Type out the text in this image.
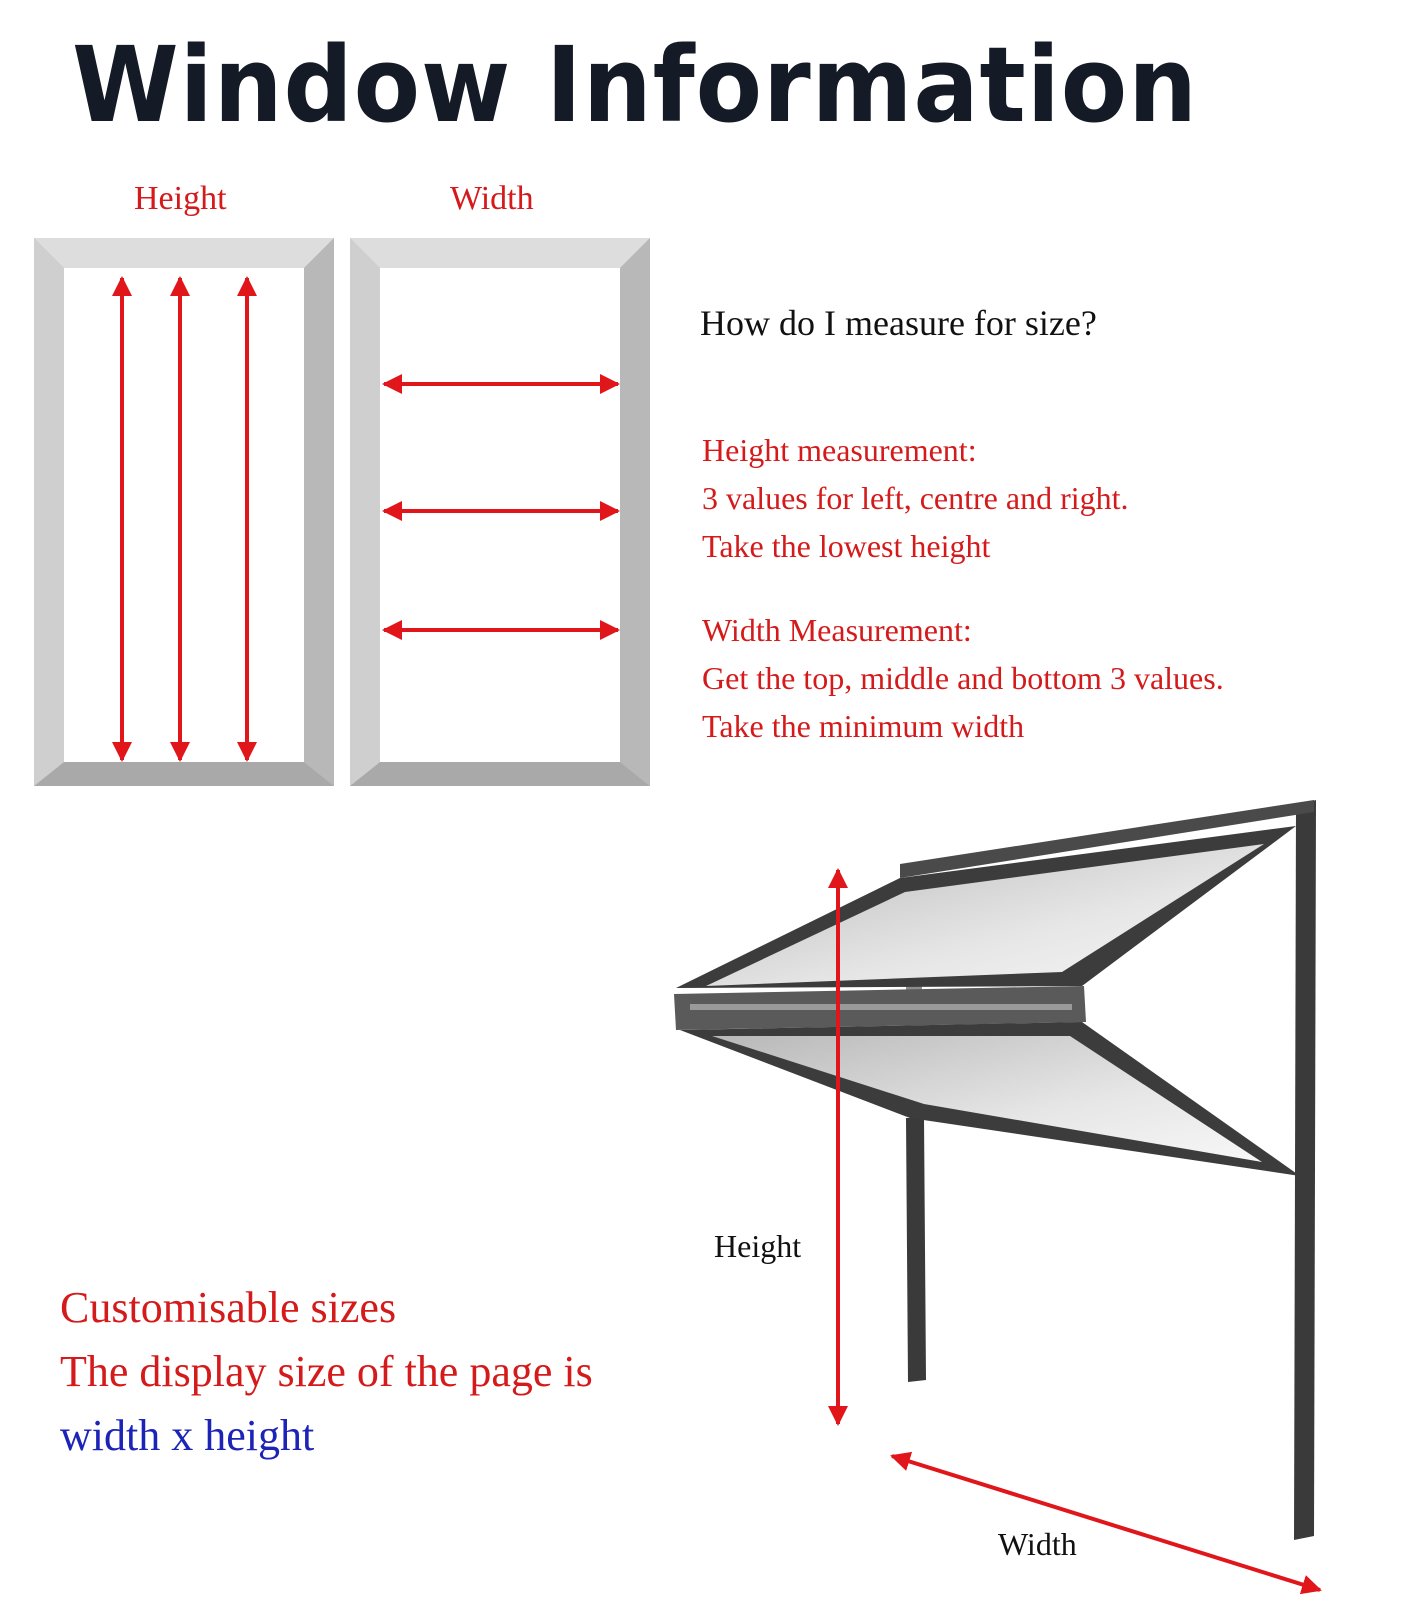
Window Information
Height	Width
How do I measure for size?
Height measurement:
3 values for left, centre and right.
Take the lowest height
Width Measurement:
Get the top, middle and bottom 3 values.
Take the minimum width
Customisable sizes
The display size of the page is
width x height
Height
Width
